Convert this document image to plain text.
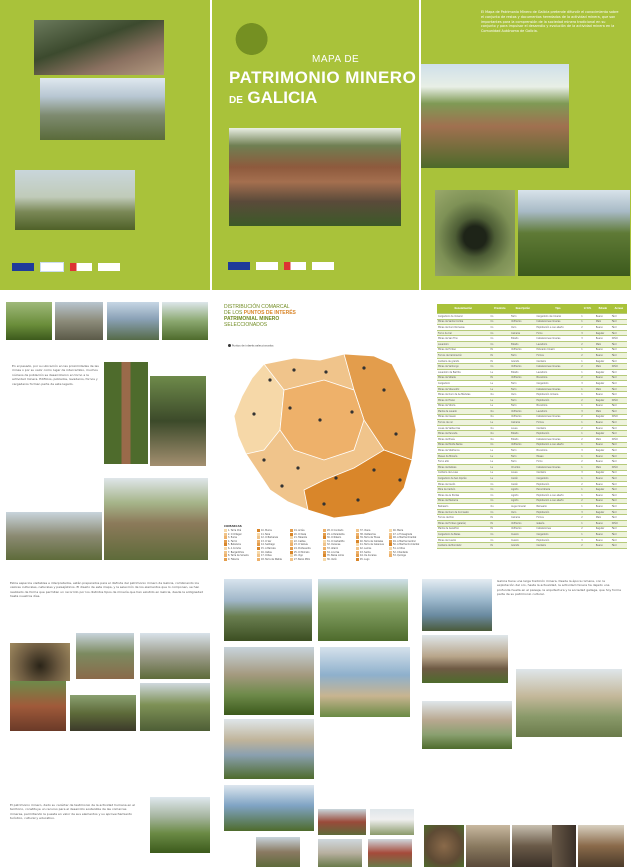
MAPA DE
PATRIMONIO MINERO
DE GALICIA
El Mapa de Patrimonio Minero de Galicia pretende difundir el conocimiento sobre el conjunto de restos y documentos heredados de la actividad minera, que son importantes para la comprensión de la sociedad minera tradicional en su conjunto y para impulsar el desarrollo y evolución de la actividad minera en la Comunidad Autónoma de Galicia.
En el pasado, por su ubicación en las proximidades de las minas o por su valor como lugar de intercambio, muchos núcleos de población se desarrollaron en torno a la actividad minera. Edificios, poblados, lavaderos, fornos y cargaderos forman parte de este legado.
DISTRIBUCIÓN COMARCAL
DE LOS PUNTOS DE INTERÉS
PATRIMONIAL MINERO
SELECCIONADOS
Puntos de interés seleccionados
COMARCAS
1. Terra Chá
2. O Ortegal
3. Eume
4. Ferrol
5. Betanzos
6. A Coruña
7. Bergantiños
8. Terra de Soneira
9. Fisterra
10. Muros
11. Noia
12. O Barbanza
13. O Sar
14. Santiago
15. A Barcala
16. Xallas
17. Ordes
18. Terra de Melide
19. Arzúa
20. O Deza
21. Tabeirós
22. Caldas
23. O Salnés
24. Pontevedra
25. O Morrazo
26. Vigo
27. Baixo Miño
28. O Condado
29. A Paradanta
30. O Ribeiro
31. O Carballiño
32. Ourense
33. Allariz
34. A Limia
35. Baixa Limia
36. Verín
37. Viana
38. Valdeorras
39. Terra de Trives
40. Terra de Caldelas
41. Terra de Celanova
42. Lemos
43. Sarria
44. Os Ancares
45. Lugo
46. Meira
47. A Fonsagrada
48. A Mariña Oriental
49. A Mariña Central
50. A Mariña Occidental
51. A Ulloa
52. Chantada
53. Quiroga
Denominación	Provincia	Descripción	Tipo	U.T.M.	Estado	Acceso
Cargadoiro de mineral	Co	Ferro	Cargadoiro de mineral	1	Bueno	Fácil
Minas de Santa Comba	Co	Volframio	Instalaciones mineras	1	Malo	Fácil
Minas de Ouro Romanas	Co	Ouro	Explotación a ceo aberto	2	Bueno	Fácil
Forno de Cal	Co	Calcaria	Forno	3	Regular	Fácil
Minas de San Finx	Co	Estaño	Instalaciones mineras	3	Bueno	Difícil
Lavadoiro	Co	Estaño	Lavadoiro	2	Malo	Fácil
Minas de Fontao	Po	Volframio	Poboado mineiro	1	Bueno	Fácil
Fornos de Calcinación	Po	Ferro	Fornos	2	Bueno	Fácil
Canteira de granito	Po	Granito	Canteira	1	Regular	Fácil
Minas de Varilongo	Co	Volframio	Instalaciones mineras	2	Malo	Difícil
Lavadoiro de Barrilla	Lu	Estaño	Lavadoiro	1	Regular	Fácil
Minas de Silleda	Po	Volframio	Bocamina	2	Bueno	Fácil
Cargadoiro	Lu	Ferro	Cargadoiro	3	Regular	Fácil
Minas de Vilaoudriz	Lu	Ferro	Instalaciones mineras	1	Malo	Fácil
Minas de Ouro de As Médulas	Ou	Ouro	Explotación romana	1	Bueno	Fácil
Minas do Freixo	Lu	Ferro	Explotación	2	Regular	Difícil
Minas de Viloria	Lu	Ferro	Bocamina	1	Bueno	Fácil
Planta de Lavado	Ou	Volframio	Lavadoiro	3	Malo	Fácil
Minas de Casaio	Ou	Volframio	Instalaciones mineras	2	Regular	Difícil
Fornos de cal	Lu	Calcaria	Fornos	1	Bueno	Fácil
Lousa de Valdeorras	Ou	Lousa	Canteira	2	Bueno	Fácil
Minas de Penouta	Ou	Estaño	Explotación	1	Regular	Fácil
Minas de Brués	Ou	Estaño	Instalaciones mineras	2	Malo	Difícil
Minas de Monte Neme	Co	Volframio	Explotación a ceo aberto	1	Bueno	Fácil
Minas de Vilafranca	Lu	Ferro	Bocamina	3	Regular	Fácil
Museo da Minaría	Lu	Ferro	Museo	1	Bueno	Fácil
Forno alto	Lu	Ferro	Forno	2	Bueno	Fácil
Minas de Rubiais	Lu	Chumbo	Instalaciones mineras	1	Malo	Difícil
Canteira de Lousa	Lu	Lousa	Canteira	3	Regular	Fácil
Cargadoiro de San Ciprián	Lu	Caolín	Cargadoiro	1	Bueno	Fácil
Minas de Caolín	Co	Caolín	Explotación	2	Bueno	Fácil
Mina de Carbón	Co	Lignito	Escombreira	1	Regular	Fácil
Minas de As Pontes	Co	Lignito	Explotación a ceo aberto	1	Bueno	Fácil
Minas de Meirama	Co	Lignito	Explotación a ceo aberto	2	Bueno	Fácil
Balneario	Ou	Auga mineral	Balneario	1	Bueno	Fácil
Minas de Ouro de Corcoesto	Co	Ouro	Explotación	3	Regular	Fácil
Fornos de Poio	Po	Calcaria	Fornos	2	Malo	Fácil
Minas de Fontao (galería)	Po	Volframio	Galería	1	Bueno	Difícil
Planta de beneficio	Po	Volframio	Instalaciones	2	Regular	Fácil
Cargadoiro de Bares	Co	Cuarzo	Cargadoiro	1	Bueno	Fácil
Minas de Cuarzo	Co	Cuarzo	Explotación	3	Bueno	Fácil
Canteira de Mondariz	Po	Granito	Canteira	2	Bueno	Fácil
Estos espacios visitables e interpretados, están preparados para el disfrute del patrimonio minero de Galicia, combinando los valores culturales, naturales y paisajísticos. El diseño de este mapa, y la selección de los elementos que lo componen, se han realizado de forma que permitan un recorrido por los distintos tipos de minería que han existido en Galicia, desde la antigüedad hasta nuestros días.
El patrimonio minero, dado su carácter de testimonio de la actividad humana en el territorio, constituye un recurso para el desarrollo sostenible de las comarcas mineras, permitiendo la puesta en valor de sus elementos y su aprovechamiento turístico, cultural y educativo.
Galicia tiene una larga tradición minera. Desde la época romana, con la explotación del oro, hasta la actualidad, la actividad minera ha dejado una profunda huella en el paisaje, la arquitectura y la sociedad gallega, que hoy forma parte de su patrimonio cultural.
